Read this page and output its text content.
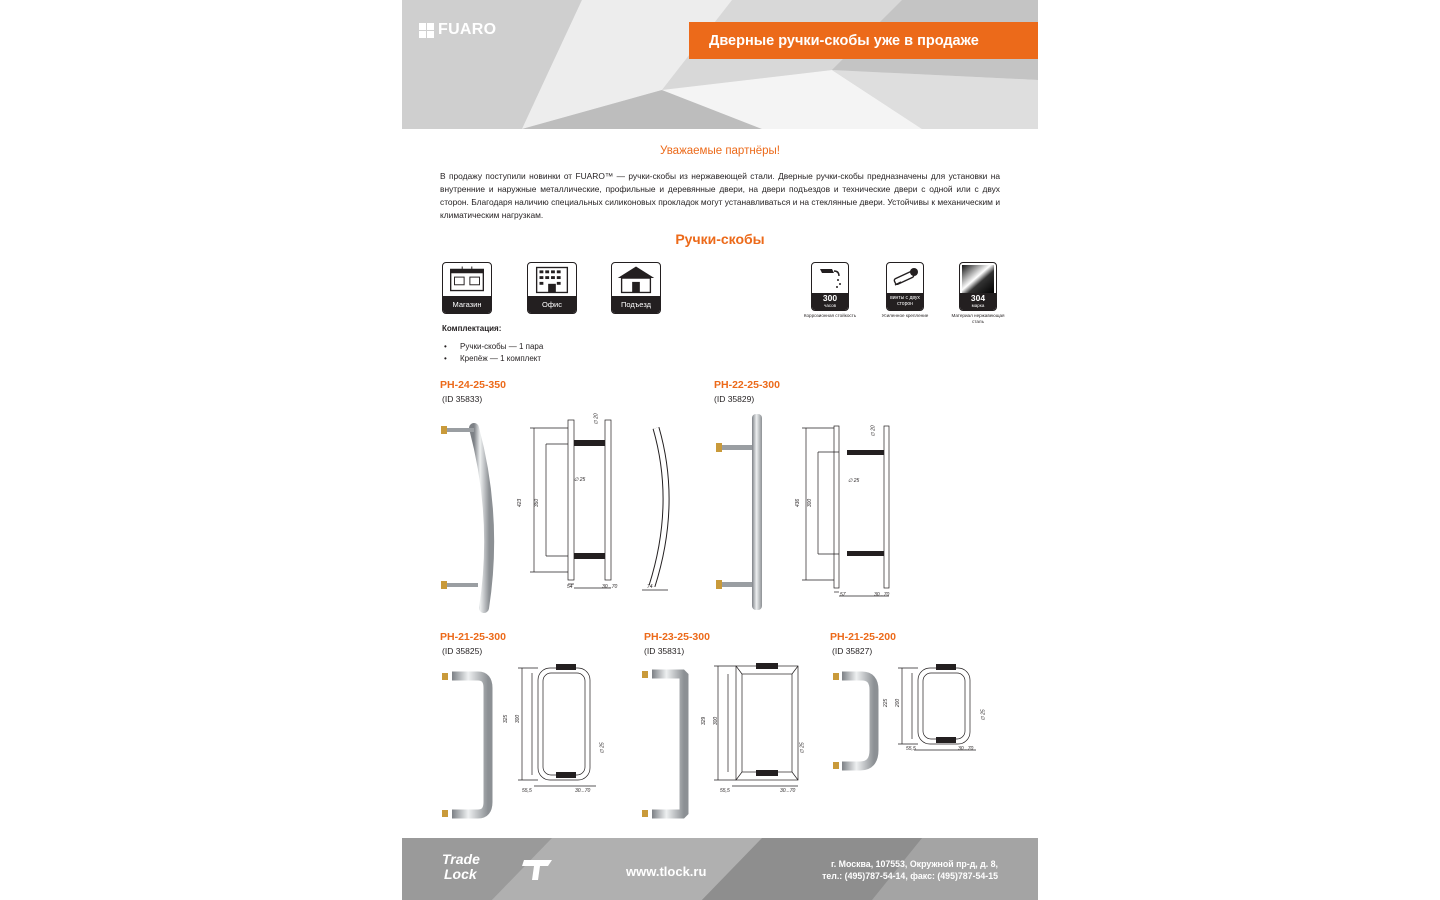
FUARO
Дверные ручки-скобы уже в продаже
Уважаемые партнёры!
В продажу поступили новинки от FUARO™ — ручки-скобы из нержавеющей стали. Дверные ручки-скобы предназначены для установки на внутренние и наружные металлические, профильные и деревянные двери, на двери подъездов и технические двери с одной или с двух сторон. Благодаря наличию специальных силиконовых прокладок могут устанавливаться и на стеклянные двери. Устойчивы к механическим и климатическим нагрузкам.
Ручки-скобы
Магазин	Офис	Подъезд
300
часов
Коррозионная стойкость
винты с двух сторон
Усиленное крепление
304
марка
Материал нержавеющая сталь
Комплектация:
• Ручки-скобы — 1 пара
• Крепёж — 1 комплект
PH-24-25-350
(ID 35833)
∅ 20
∅ 25
423 350
54	30...70	74
PH-22-25-300
(ID 35829)
∅ 20
∅ 25
436 300
57	30...70
PH-21-25-300
(ID 35825)
325 300
∅ 25
55,5	30...70
PH-23-25-300
(ID 35831)
329 300
∅ 25
55,5	30...70
PH-21-25-200
(ID 35827)
225 200
∅ 25
55,5	30...70
Trade
Lock	www.tlock.ru	г. Москва, 107553, Окружной пр-д, д. 8,
тел.: (495)787-54-14, факс: (495)787-54-15
